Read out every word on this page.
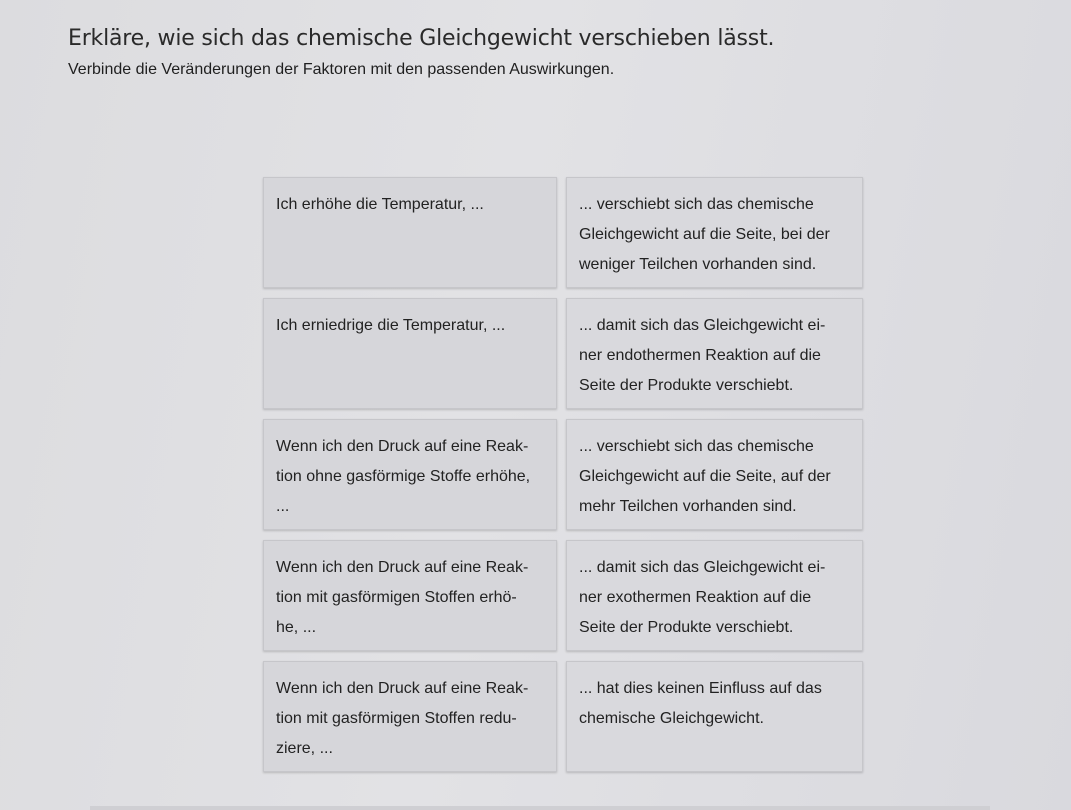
Erkläre, wie sich das chemische Gleichgewicht verschieben lässt.
Verbinde die Veränderungen der Faktoren mit den passenden Auswirkungen.
Ich erhöhe die Temperatur, ...	... verschiebt sich das chemische
Gleichgewicht auf die Seite, bei der
weniger Teilchen vorhanden sind.
Ich erniedrige die Temperatur, ...	... damit sich das Gleichgewicht ei-
ner endothermen Reaktion auf die
Seite der Produkte verschiebt.
Wenn ich den Druck auf eine Reak-
tion ohne gasförmige Stoffe erhöhe,
...
... verschiebt sich das chemische
Gleichgewicht auf die Seite, auf der
mehr Teilchen vorhanden sind.
Wenn ich den Druck auf eine Reak-
tion mit gasförmigen Stoffen erhö-
he, ...
... damit sich das Gleichgewicht ei-
ner exothermen Reaktion auf die
Seite der Produkte verschiebt.
Wenn ich den Druck auf eine Reak-
tion mit gasförmigen Stoffen redu-
ziere, ...
... hat dies keinen Einfluss auf das
chemische Gleichgewicht.
